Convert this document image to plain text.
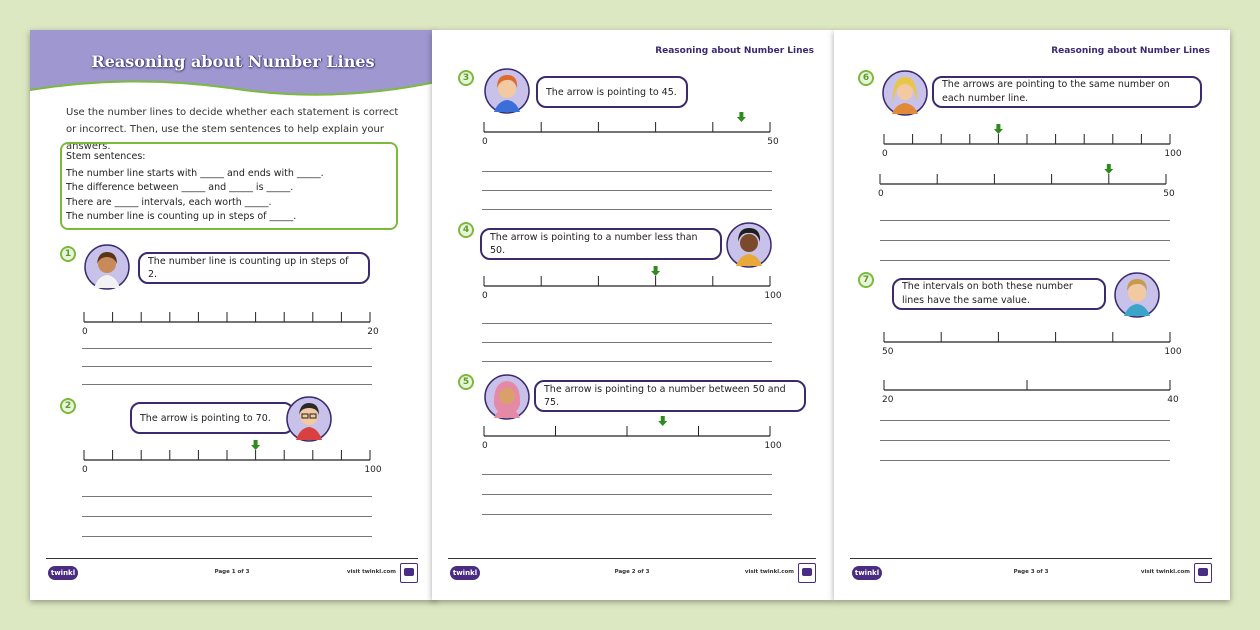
Reasoning about Number Lines
Use the number lines to decide whether each statement is correct or incorrect. Then, use the stem sentences to help explain your answers.
Stem sentences:
The number line starts with _____ and ends with _____.
The difference between _____ and _____ is _____.
There are _____ intervals, each worth _____.
The number line is counting up in steps of _____.
1
The number line is counting up in steps of 2.
0	20
2
The arrow is pointing to 70.
0	100
twinkl	Page 1 of 3	visit twinkl.com
Reasoning about Number Lines
3
The arrow is pointing to 45.
0	50
4
The arrow is pointing to a number less than 50.
0	100
5
The arrow is pointing to a number between 50 and 75.
0	100
twinkl	Page 2 of 3	visit twinkl.com
Reasoning about Number Lines
6
The arrows are pointing to the same number on each number line.
0	100
0	50
7
The intervals on both these number lines have the same value.
50	100
20	40
twinkl	Page 3 of 3	visit twinkl.com
